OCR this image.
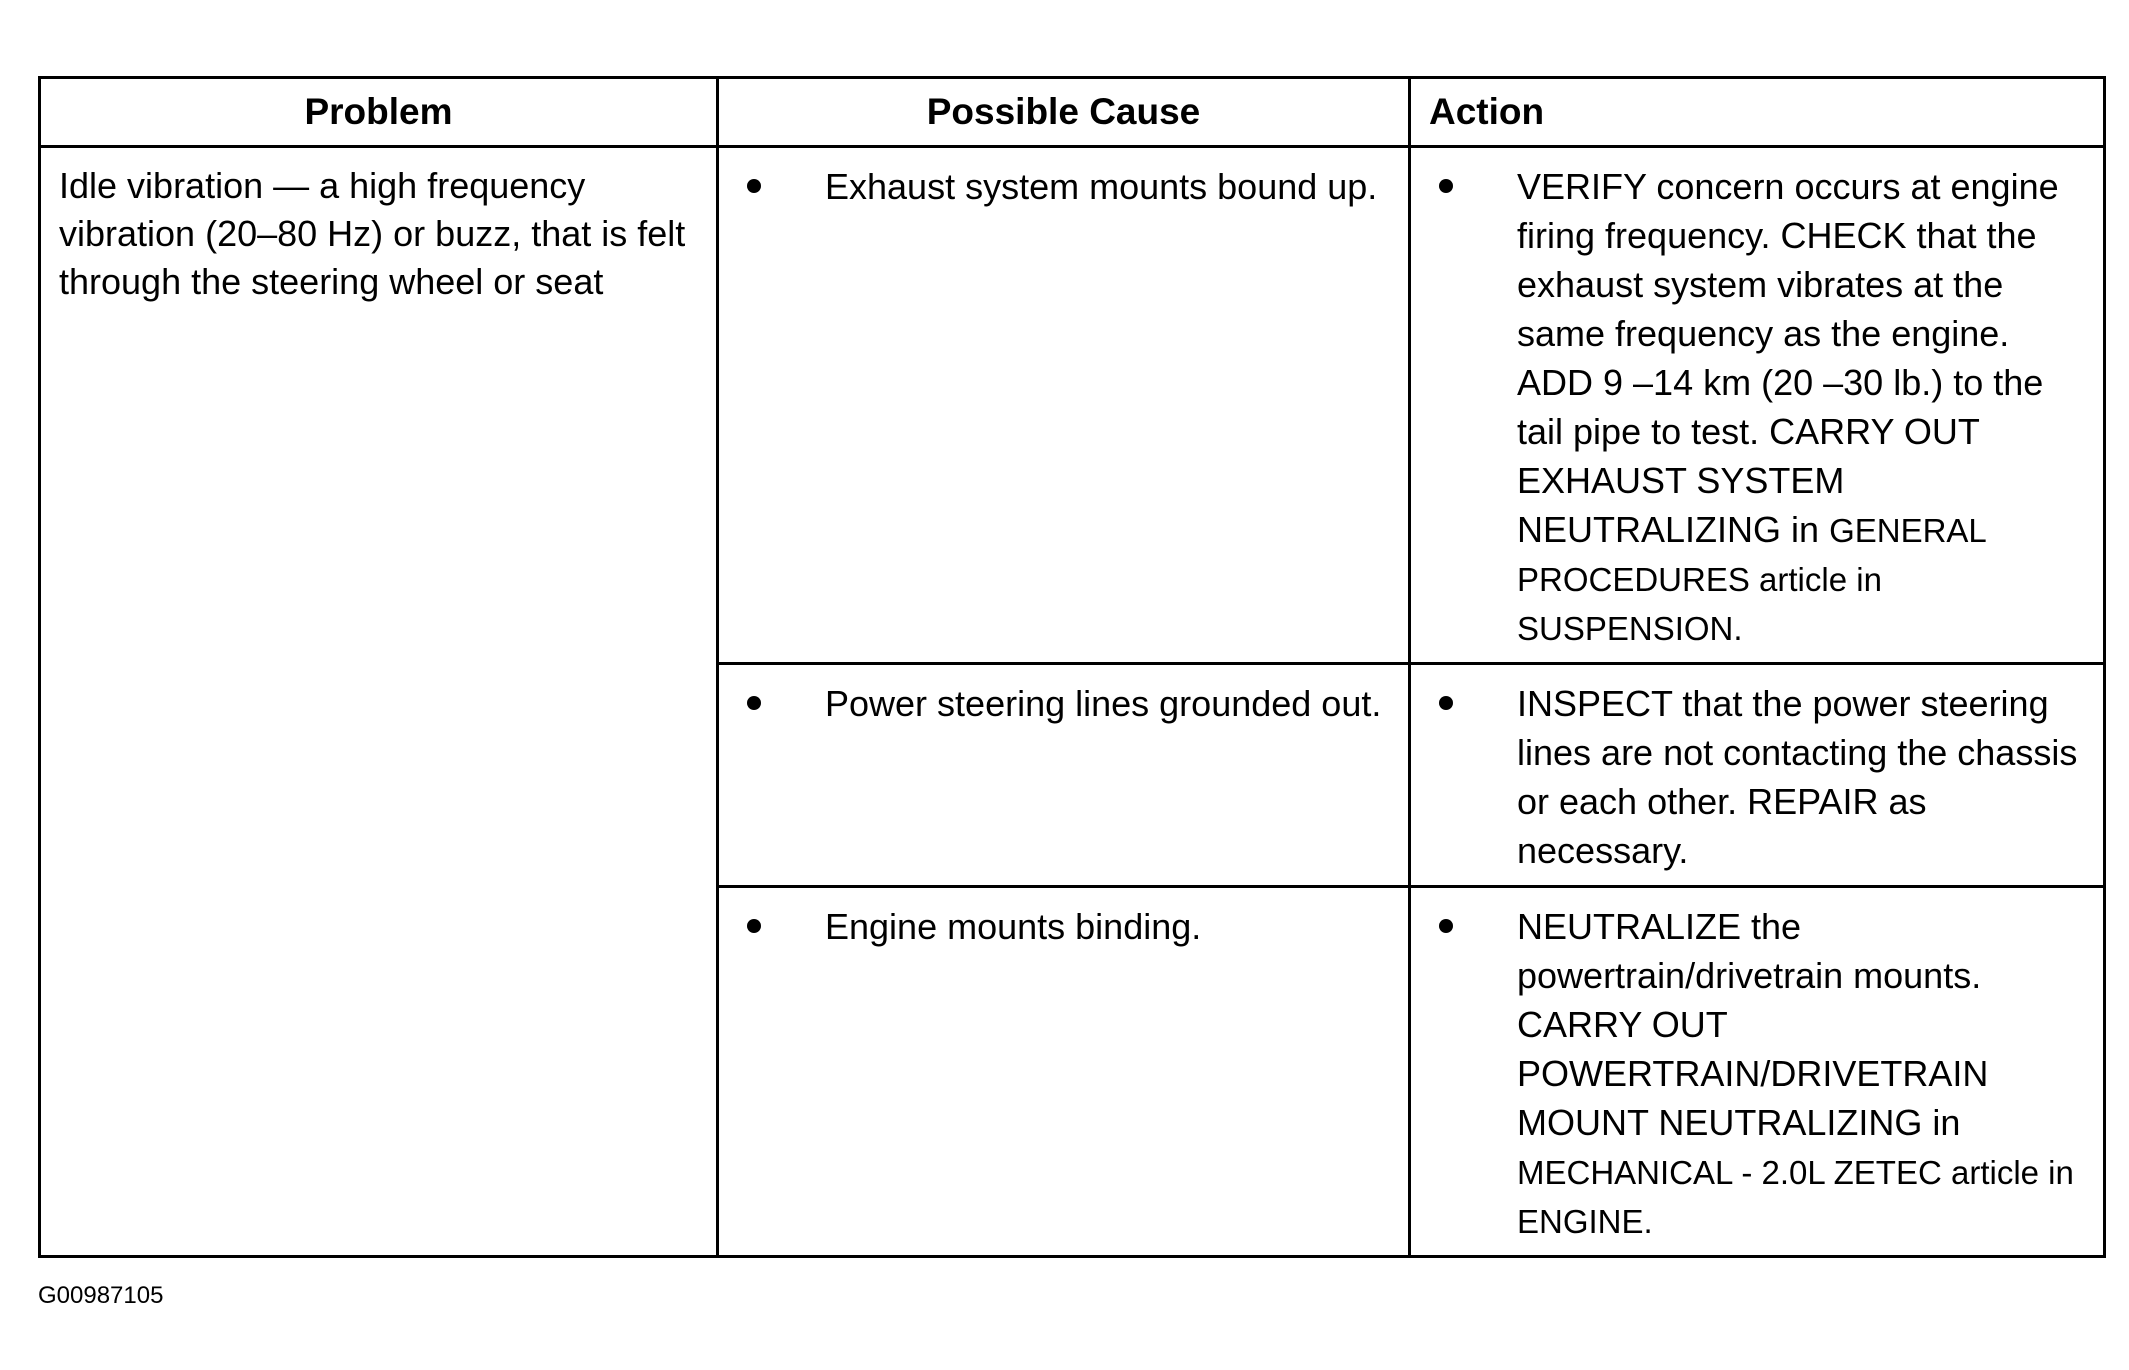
Problem	Possible Cause	Action
Idle vibration — a high frequency vibration (20–80 Hz) or buzz, that is felt through the steering wheel or seat	Exhaust system mounts bound up.	VERIFY concern occurs at engine firing frequency. CHECK that the exhaust system vibrates at the same frequency as the engine. ADD 9 –14 km (20 –30 lb.) to the tail pipe to test. CARRY OUT EXHAUST SYSTEM NEUTRALIZING in GENERAL PROCEDURES article in SUSPENSION.

	Power steering lines grounded out.	INSPECT that the power steering lines are not contacting the chassis or each other. REPAIR as necessary.

	Engine mounts binding.	NEUTRALIZE the powertrain/drivetrain mounts. CARRY OUT POWERTRAIN/DRIVETRAIN MOUNT NEUTRALIZING in MECHANICAL - 2.0L ZETEC article in ENGINE.
G00987105
